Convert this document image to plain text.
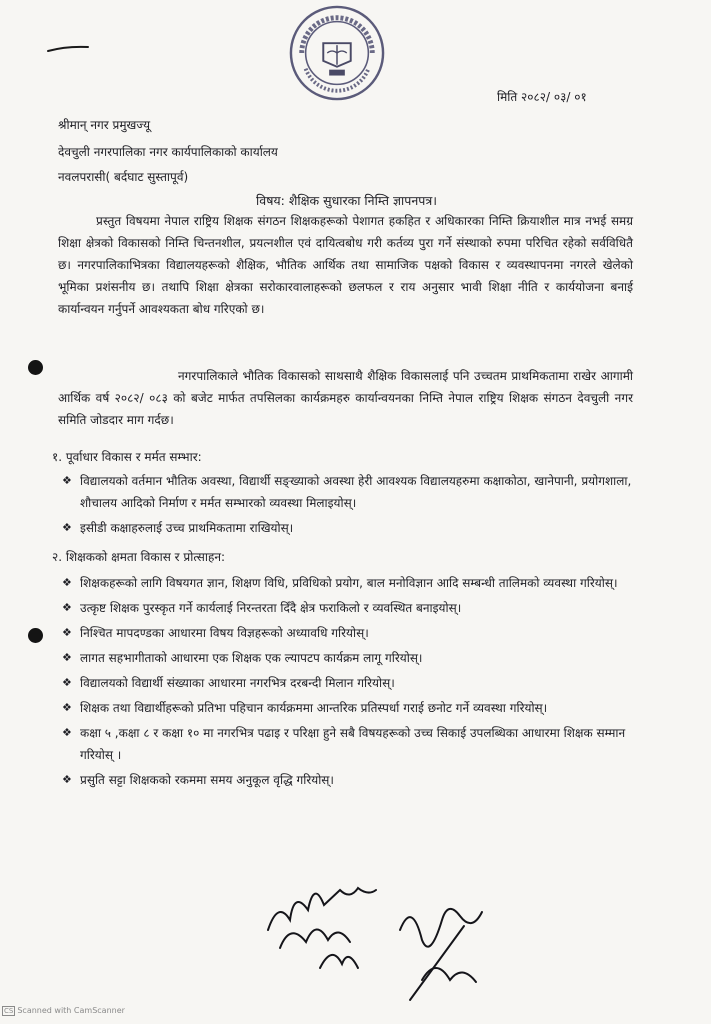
मिति २०८२/ ०३/ ०१
श्रीमान् नगर प्रमुखज्यू
देवचुली नगरपालिका नगर कार्यपालिकाको कार्यालय
नवलपरासी( बर्दघाट सुस्तापूर्व)
विषय: शैक्षिक सुधारका निम्ति ज्ञापनपत्र।

प्रस्तुत विषयमा नेपाल राष्ट्रिय शिक्षक संगठन शिक्षकहरूको पेशागत हकहित र अधिकारका निम्ति क्रियाशील मात्र नभई समग्र शिक्षा क्षेत्रको विकासको निम्ति चिन्तनशील, प्रयत्नशील एवं दायित्वबोध गरी कर्तव्य पुरा गर्ने संस्थाको रुपमा परिचित रहेको सर्वविधितै छ। नगरपालिकाभित्रका विद्यालयहरूको शैक्षिक, भौतिक आर्थिक तथा सामाजिक पक्षको विकास र व्यवस्थापनमा नगरले खेलेको भूमिका प्रशंसनीय छ। तथापि शिक्षा क्षेत्रका सरोकारवालाहरूको छलफल र राय अनुसार भावी शिक्षा नीति र कार्ययोजना बनाई कार्यान्वयन गर्नुपर्ने आवश्यकता बोध गरिएको छ।

नगरपालिकाले भौतिक विकासको साथसाथै शैक्षिक विकासलाई पनि उच्चतम प्राथमिकतामा राखेर आगामी आर्थिक वर्ष २०८२/ ०८३ को बजेट मार्फत तपसिलका कार्यक्रमहरु कार्यान्वयनका निम्ति नेपाल राष्ट्रिय शिक्षक संगठन देवचुली नगर समिति जोडदार माग गर्दछ।

१. पूर्वाधार विकास र मर्मत सम्भार:
❖ विद्यालयको वर्तमान भौतिक अवस्था, विद्यार्थी सङ्ख्याको अवस्था हेरी आवश्यक विद्यालयहरुमा कक्षाकोठा, खानेपानी, प्रयोगशाला, शौचालय आदिको निर्माण र मर्मत सम्भारको व्यवस्था मिलाइयोस्।
❖ इसीडी कक्षाहरुलाई उच्च प्राथमिकतामा राखियोस्।
२. शिक्षकको क्षमता विकास र प्रोत्साहन:
❖ शिक्षकहरूको लागि विषयगत ज्ञान, शिक्षण विधि, प्रविधिको प्रयोग, बाल मनोविज्ञान आदि सम्बन्धी तालिमको व्यवस्था गरियोस्।
❖ उत्कृष्ट शिक्षक पुरस्कृत गर्ने कार्यलाई निरन्तरता दिँदै क्षेत्र फराकिलो र व्यवस्थित बनाइयोस्।
❖ निश्चित मापदण्डका आधारमा विषय विज्ञहरूको अध्यावधि गरियोस्।
❖ लागत सहभागीताको आधारमा एक शिक्षक एक ल्यापटप कार्यक्रम लागू गरियोस्।
❖ विद्यालयको विद्यार्थी संख्याका आधारमा नगरभित्र दरबन्दी मिलान गरियोस्।
❖ शिक्षक तथा विद्यार्थीहरूको प्रतिभा पहिचान कार्यक्रममा आन्तरिक प्रतिस्पर्धा गराई छनोट गर्ने व्यवस्था गरियोस्।
❖ कक्षा ५ ,कक्षा ८ र कक्षा १० मा नगरभित्र पढाइ र परिक्षा हुने सबै विषयहरूको उच्च सिकाई उपलब्धिका आधारमा शिक्षक सम्मान गरियोस् ।
❖ प्रसुति सट्टा शिक्षकको रकममा समय अनुकूल वृद्धि गरियोस्।
CS Scanned with CamScanner
